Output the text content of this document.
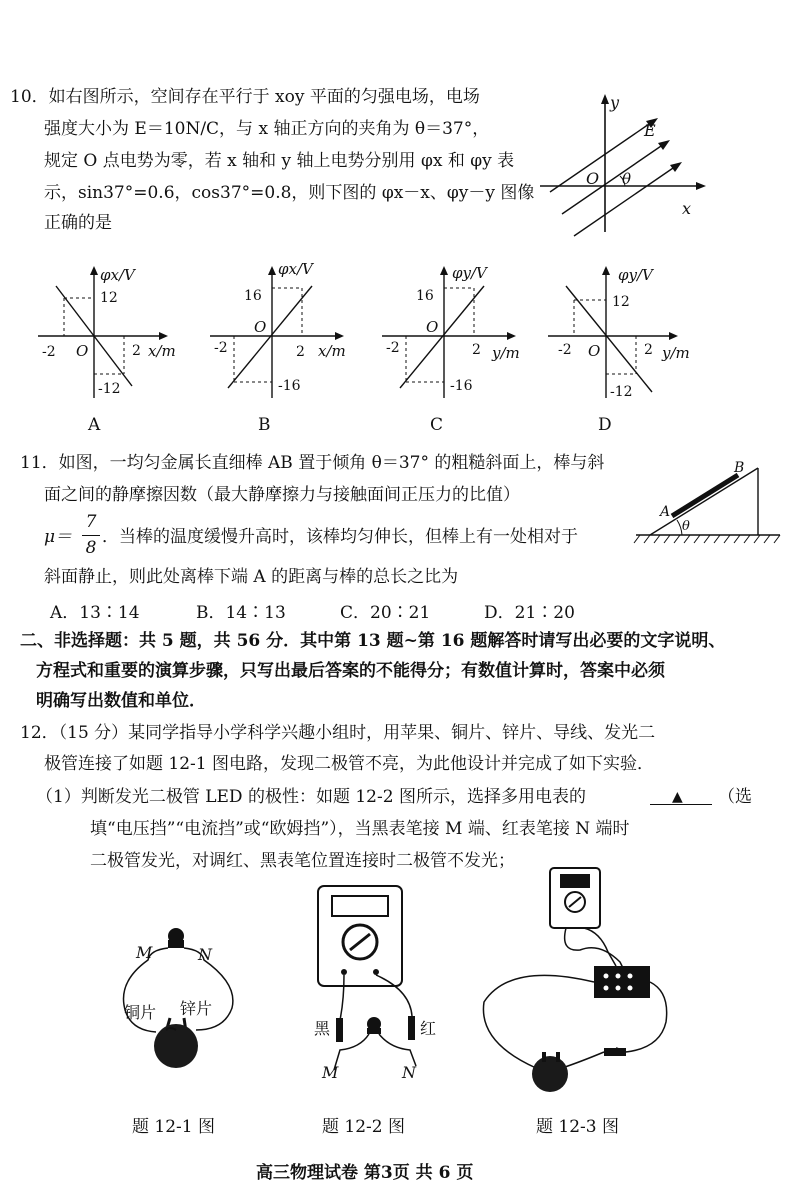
10．如右图所示，空间存在平行于 xoy 平面的匀强电场，电场
强度大小为 E＝10N/C，与 x 轴正方向的夹角为 θ＝37°，
规定 O 点电势为零，若 x 轴和 y 轴上电势分别用 φx 和 φy 表
示，sin37°=0.6，cos37°=0.8，则下图的 φx－x、φy－y 图像
正确的是
y
x
E
O θ
φx/V
12
-12
-2	2
O	x/m
A
φx/V
16
-16
-2	2
O
x/m
B
φy/V
16
-16
-2	2
O
y/m
C
φy/V
12
-12
-2	2
O	y/m
D
11．如图，一均匀金属长直细棒 AB 置于倾角 θ＝37° 的粗糙斜面上，棒与斜
面之间的静摩擦因数（最大静摩擦力与接触面间正压力的比值）
μ＝
7
8
．当棒的温度缓慢升高时，该棒均匀伸长，但棒上有一处相对于
斜面静止，则此处离棒下端 A 的距离与棒的总长之比为
A．13∶14	B．14∶13	C．20∶21	D．21∶20
A
B
θ
二、非选择题：共 5 题，共 56 分．其中第 13 题~第 16 题解答时请写出必要的文字说明、
方程式和重要的演算步骤，只写出最后答案的不能得分；有数值计算时，答案中必须
明确写出数值和单位．
12．（15 分）某同学指导小学科学兴趣小组时，用苹果、铜片、锌片、导线、发光二
极管连接了如题 12-1 图电路，发现二极管不亮，为此他设计并完成了如下实验．
（1）判断发光二极管 LED 的极性：如题 12-2 图所示，选择多用电表的	▲ （选
填“电压挡”“电流挡”或“欧姆挡”），当黑表笔接 M 端、红表笔接 N 端时
二极管发光，对调红、黑表笔位置连接时二极管不发光；
M	N
铜片 锌片
题 12-1 图
黑	红
M	N
题 12-2 图	题 12-3 图
高三物理试卷 第3页 共 6 页
